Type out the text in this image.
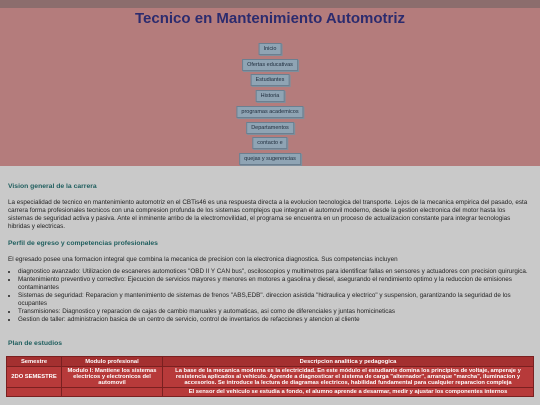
Tecnico en Mantenimiento Automotriz
Inicio
Ofertas educativas
Estudiantes
Historia
programas academicos
Departamentos
contacto e
quejas y sugerencias

Vision general de la carrera

La especialidad de tecnico en mantenimiento automotriz en el CBTis46 es una respuesta directa a la evolucion tecnologica del transporte. Lejos de la mecanica empirica del pasado, esta carrera forma profesionales tecnicos con una compresion profunda de los sistemas complejos que integran el automovil moderno, desde la gestion electronica del motor hasta los sistemas de seguridad activa y pasiva. Ante el inminente arribo de la electromovilidad, el programa se encuentra en un proceso de actualizacion constante para integrar tecnologias hibridas y electricas.

Perfil de egreso y competencias profesionales

El egresado posee una formacion integral que combina la mecanica de precision con la electronica diagnostica. Sus competencias incluyen

• diagnostico avanzado: Utilizacion de escaneres automotices "OBD II Y CAN bus", osciloscopios y multimetros para identificar fallas en sensores y actuadores con precision quirurgica.
• Mantenimiento preventivo y correctivo: Ejecucion de servicios mayores y menores en motores a gasolina y diesel, asegurando el rendimiento optimo y la reduccion de emisiones contaminantes
• Sistemas de seguridad: Reparacion y mantenimiento de sistemas de frenos "ABS,EDB". direccion asistida "hidraulica y electrico" y suspension, garantizando la seguridad de los ocupantes
• Transmisiones: Diagnostico y reparacion de cajas de cambio manuales y automaticas, asi como de diferenciales y juntas homicineticas
• Gestion de taller: administracion basica de un centro de servicio, control de inventarios de refacciones y atencion al cliente

Plan de estudios

Semestre	Modulo profesional	Descripcion analitica y pedagogica
2DO SEMESTRE	Modulo I: Mantiene los sistemas electricos y electronicos del automovil	La base de la mecanica moderna es la electricidad. En este módulo el estudiante domina los principios de voltaje, amperaje y resistencia aplicados al vehiculo. Aprende a diagnosticar el sistema de carga "alternador", arranque "marcha", iluminacion y accesorios. Se introduce la lectura de diagramas electricos, habilidad fundamental para cualquier reparacion compleja
		El sensor del vehiculo se estudia a fondo, el alumno aprende a desarmar, medir y ajustar los componentes internos
